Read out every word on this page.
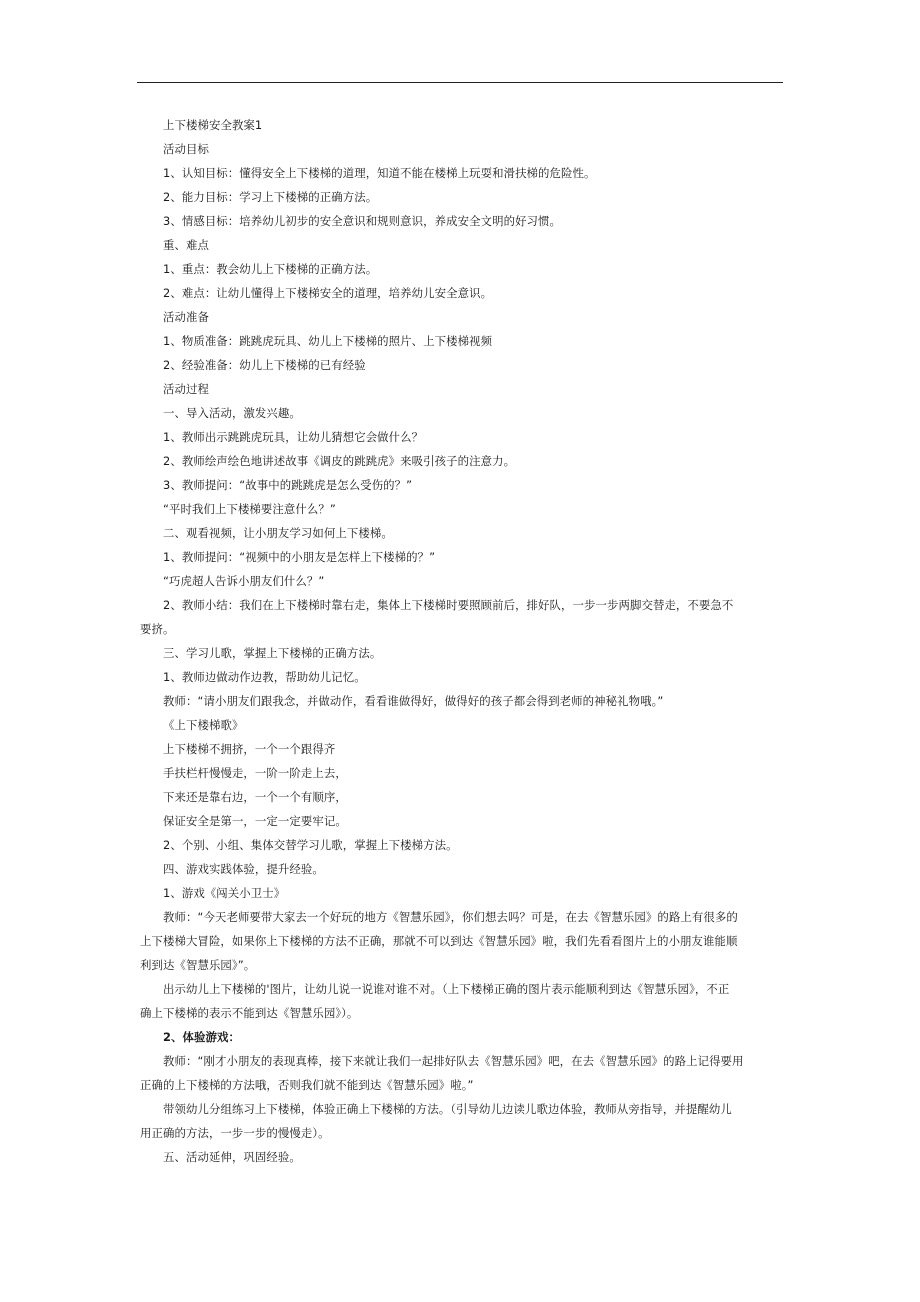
上下楼梯安全教案1
活动目标
1、认知目标：懂得安全上下楼梯的道理，知道不能在楼梯上玩耍和滑扶梯的危险性。
2、能力目标：学习上下楼梯的正确方法。
3、情感目标：培养幼儿初步的安全意识和规则意识，养成安全文明的好习惯。
重、难点
1、重点：教会幼儿上下楼梯的正确方法。
2、难点：让幼儿懂得上下楼梯安全的道理，培养幼儿安全意识。
活动准备
1、物质准备：跳跳虎玩具、幼儿上下楼梯的照片、上下楼梯视频
2、经验准备：幼儿上下楼梯的已有经验
活动过程
一、导入活动，激发兴趣。
1、教师出示跳跳虎玩具，让幼儿猜想它会做什么？
2、教师绘声绘色地讲述故事《调皮的跳跳虎》来吸引孩子的注意力。
3、教师提问：“故事中的跳跳虎是怎么受伤的？”
“平时我们上下楼梯要注意什么？”
二、观看视频，让小朋友学习如何上下楼梯。
1、教师提问：“视频中的小朋友是怎样上下楼梯的？”
“巧虎超人告诉小朋友们什么？”
2、教师小结：我们在上下楼梯时靠右走，集体上下楼梯时要照顾前后，排好队，一步一步两脚交替走，不要急不
要挤。
三、学习儿歌，掌握上下楼梯的正确方法。
1、教师边做动作边教，帮助幼儿记忆。
教师：“请小朋友们跟我念，并做动作，看看谁做得好，做得好的孩子都会得到老师的神秘礼物哦。”
《上下楼梯歌》
上下楼梯不拥挤，一个一个跟得齐
手扶栏杆慢慢走，一阶一阶走上去，
下来还是靠右边，一个一个有顺序，
保证安全是第一，一定一定要牢记。
2、个别、小组、集体交替学习儿歌，掌握上下楼梯方法。
四、游戏实践体验，提升经验。
1、游戏《闯关小卫士》
教师：“今天老师要带大家去一个好玩的地方《智慧乐园》，你们想去吗？可是，在去《智慧乐园》的路上有很多的
上下楼梯大冒险，如果你上下楼梯的方法不正确，那就不可以到达《智慧乐园》啦，我们先看看图片上的小朋友谁能顺
利到达《智慧乐园》”。
出示幼儿上下楼梯的'图片，让幼儿说一说谁对谁不对。（上下楼梯正确的图片表示能顺利到达《智慧乐园》，不正
确上下楼梯的表示不能到达《智慧乐园》）。
2、体验游戏：
教师：“刚才小朋友的表现真棒，接下来就让我们一起排好队去《智慧乐园》吧，在去《智慧乐园》的路上记得要用
正确的上下楼梯的方法哦，否则我们就不能到达《智慧乐园》啦。”
带领幼儿分组练习上下楼梯，体验正确上下楼梯的方法。（引导幼儿边读儿歌边体验，教师从旁指导，并提醒幼儿
用正确的方法，一步一步的慢慢走）。
五、活动延伸，巩固经验。
